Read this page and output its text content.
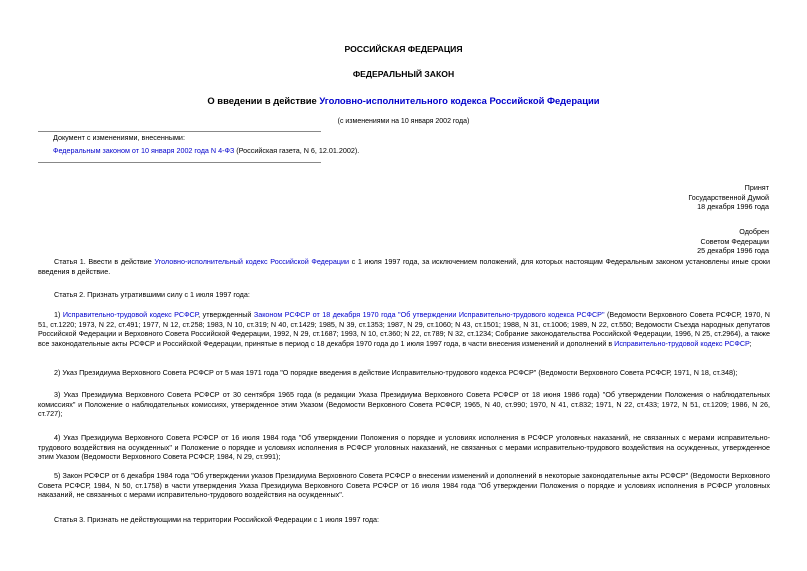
РОССИЙСКАЯ ФЕДЕРАЦИЯ
ФЕДЕРАЛЬНЫЙ ЗАКОН
О введении в действие Уголовно-исполнительного кодекса Российской Федерации
(с изменениями на 10 января 2002 года)
Документ с изменениями, внесенными:
Федеральным законом от 10 января 2002 года N 4-ФЗ (Российская газета, N 6, 12.01.2002).
Принят
Государственной Думой
18 декабря 1996 года
Одобрен
Советом Федерации
25 декабря 1996 года
Статья 1. Ввести в действие Уголовно-исполнительный кодекс Российской Федерации с 1 июля 1997 года, за исключением положений, для которых настоящим Федеральным законом установлены иные сроки введения в действие.
Статья 2. Признать утратившими силу с 1 июля 1997 года:
1) Исправительно-трудовой кодекс РСФСР, утвержденный Законом РСФСР от 18 декабря 1970 года "Об утверждении Исправительно-трудового кодекса РСФСР" (Ведомости Верховного Совета РСФСР, 1970, N 51, ст.1220; 1973, N 22, ст.491; 1977, N 12, ст.258; 1983, N 10, ст.319; N 40, ст.1429; 1985, N 39, ст.1353; 1987, N 29, ст.1060; N 43, ст.1501; 1988, N 31, ст.1006; 1989, N 22, ст.550; Ведомости Съезда народных депутатов Российской Федерации и Верховного Совета Российской Федерации, 1992, N 29, ст.1687; 1993, N 10, ст.360; N 22, ст.789; N 32, ст.1234; Собрание законодательства Российской Федерации, 1996, N 25, ст.2964), а также все законодательные акты РСФСР и Российской Федерации, принятые в период с 18 декабря 1970 года до 1 июля 1997 года, в части внесения изменений и дополнений в Исправительно-трудовой кодекс РСФСР;
2) Указ Президиума Верховного Совета РСФСР от 5 мая 1971 года "О порядке введения в действие Исправительно-трудового кодекса РСФСР" (Ведомости Верховного Совета РСФСР, 1971, N 18, ст.348);
3) Указ Президиума Верховного Совета РСФСР от 30 сентября 1965 года (в редакции Указа Президиума Верховного Совета РСФСР от 18 июня 1986 года) "Об утверждении Положения о наблюдательных комиссиях" и Положение о наблюдательных комиссиях, утвержденное этим Указом (Ведомости Верховного Совета РСФСР, 1965, N 40, ст.990; 1970, N 41, ст.832; 1971, N 22, ст.433; 1972, N 51, ст.1209; 1986, N 26, ст.727);
4) Указ Президиума Верховного Совета РСФСР от 16 июля 1984 года "Об утверждении Положения о порядке и условиях исполнения в РСФСР уголовных наказаний, не связанных с мерами исправительно-трудового воздействия на осужденных" и Положение о порядке и условиях исполнения в РСФСР уголовных наказаний, не связанных с мерами исправительно-трудового воздействия на осужденных, утвержденное этим Указом (Ведомости Верховного Совета РСФСР, 1984, N 29, ст.991);
5) Закон РСФСР от 6 декабря 1984 года "Об утверждении указов Президиума Верховного Совета РСФСР о внесении изменений и дополнений в некоторые законодательные акты РСФСР" (Ведомости Верховного Совета РСФСР, 1984, N 50, ст.1758) в части утверждения Указа Президиума Верховного Совета РСФСР от 16 июля 1984 года "Об утверждении Положения о порядке и условиях исполнения в РСФСР уголовных наказаний, не связанных с мерами исправительно-трудового воздействия на осужденных".
Статья 3. Признать не действующими на территории Российской Федерации с 1 июля 1997 года:
